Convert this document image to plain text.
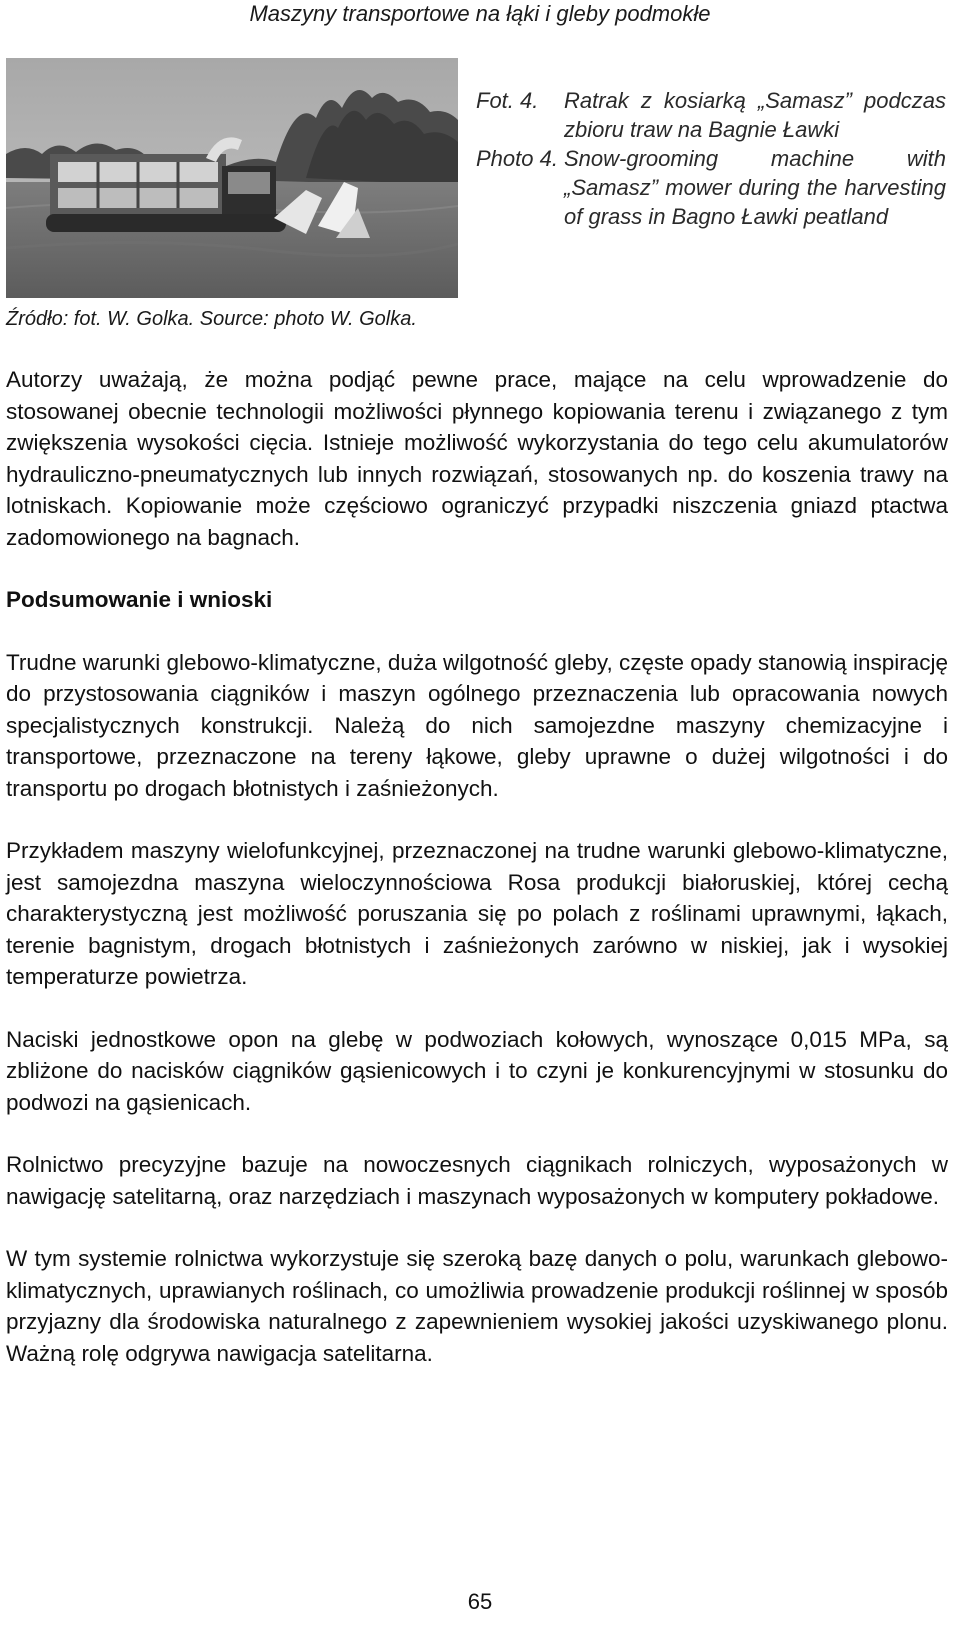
Maszyny transportowe na łąki i gleby podmokłe
Fot. 4.	Ratrak z kosiarką „Samasz” podczas zbioru traw na Bagnie Ławki
Photo 4. Snow-grooming machine with „Samasz” mower during the harvesting of grass in Bagno Ławki peatland
Źródło: fot. W. Golka. Source: photo W. Golka.

Autorzy uważają, że można podjąć pewne prace, mające na celu wprowadzenie do stosowanej obecnie technologii możliwości płynnego kopiowania terenu i związanego z tym zwiększenia wysokości cięcia. Istnieje możliwość wykorzystania do tego celu akumulatorów hydrauliczno-pneumatycznych lub innych rozwiązań, stosowanych np. do koszenia trawy na lotniskach. Kopiowanie może częściowo ograniczyć przypadki niszczenia gniazd ptactwa zadomowionego na bagnach.

Podsumowanie i wnioski

Trudne warunki glebowo-klimatyczne, duża wilgotność gleby, częste opady stanowią inspirację do przystosowania ciągników i maszyn ogólnego przeznaczenia lub opracowania nowych specjalistycznych konstrukcji. Należą do nich samojezdne maszyny chemizacyjne i transportowe, przeznaczone na tereny łąkowe, gleby uprawne o dużej wilgotności i do transportu po drogach błotnistych i zaśnieżonych.

Przykładem maszyny wielofunkcyjnej, przeznaczonej na trudne warunki glebowo-klimatyczne, jest samojezdna maszyna wieloczynnościowa Rosa produkcji białoruskiej, której cechą charakterystyczną jest możliwość poruszania się po polach z roślinami uprawnymi, łąkach, terenie bagnistym, drogach błotnistych i zaśnieżonych zarówno w niskiej, jak i wysokiej temperaturze powietrza.

Naciski jednostkowe opon na glebę w podwoziach kołowych, wynoszące 0,015 MPa, są zbliżone do nacisków ciągników gąsienicowych i to czyni je konkurencyjnymi w stosunku do podwozi na gąsienicach.

Rolnictwo precyzyjne bazuje na nowoczesnych ciągnikach rolniczych, wyposażonych w nawigację satelitarną, oraz narzędziach i maszynach wyposażonych w komputery pokładowe.

W tym systemie rolnictwa wykorzystuje się szeroką bazę danych o polu, warunkach glebowo-klimatycznych, uprawianych roślinach, co umożliwia prowadzenie produkcji roślinnej w sposób przyjazny dla środowiska naturalnego z zapewnieniem wysokiej jakości uzyskiwanego plonu. Ważną rolę odgrywa nawigacja satelitarna.

65
